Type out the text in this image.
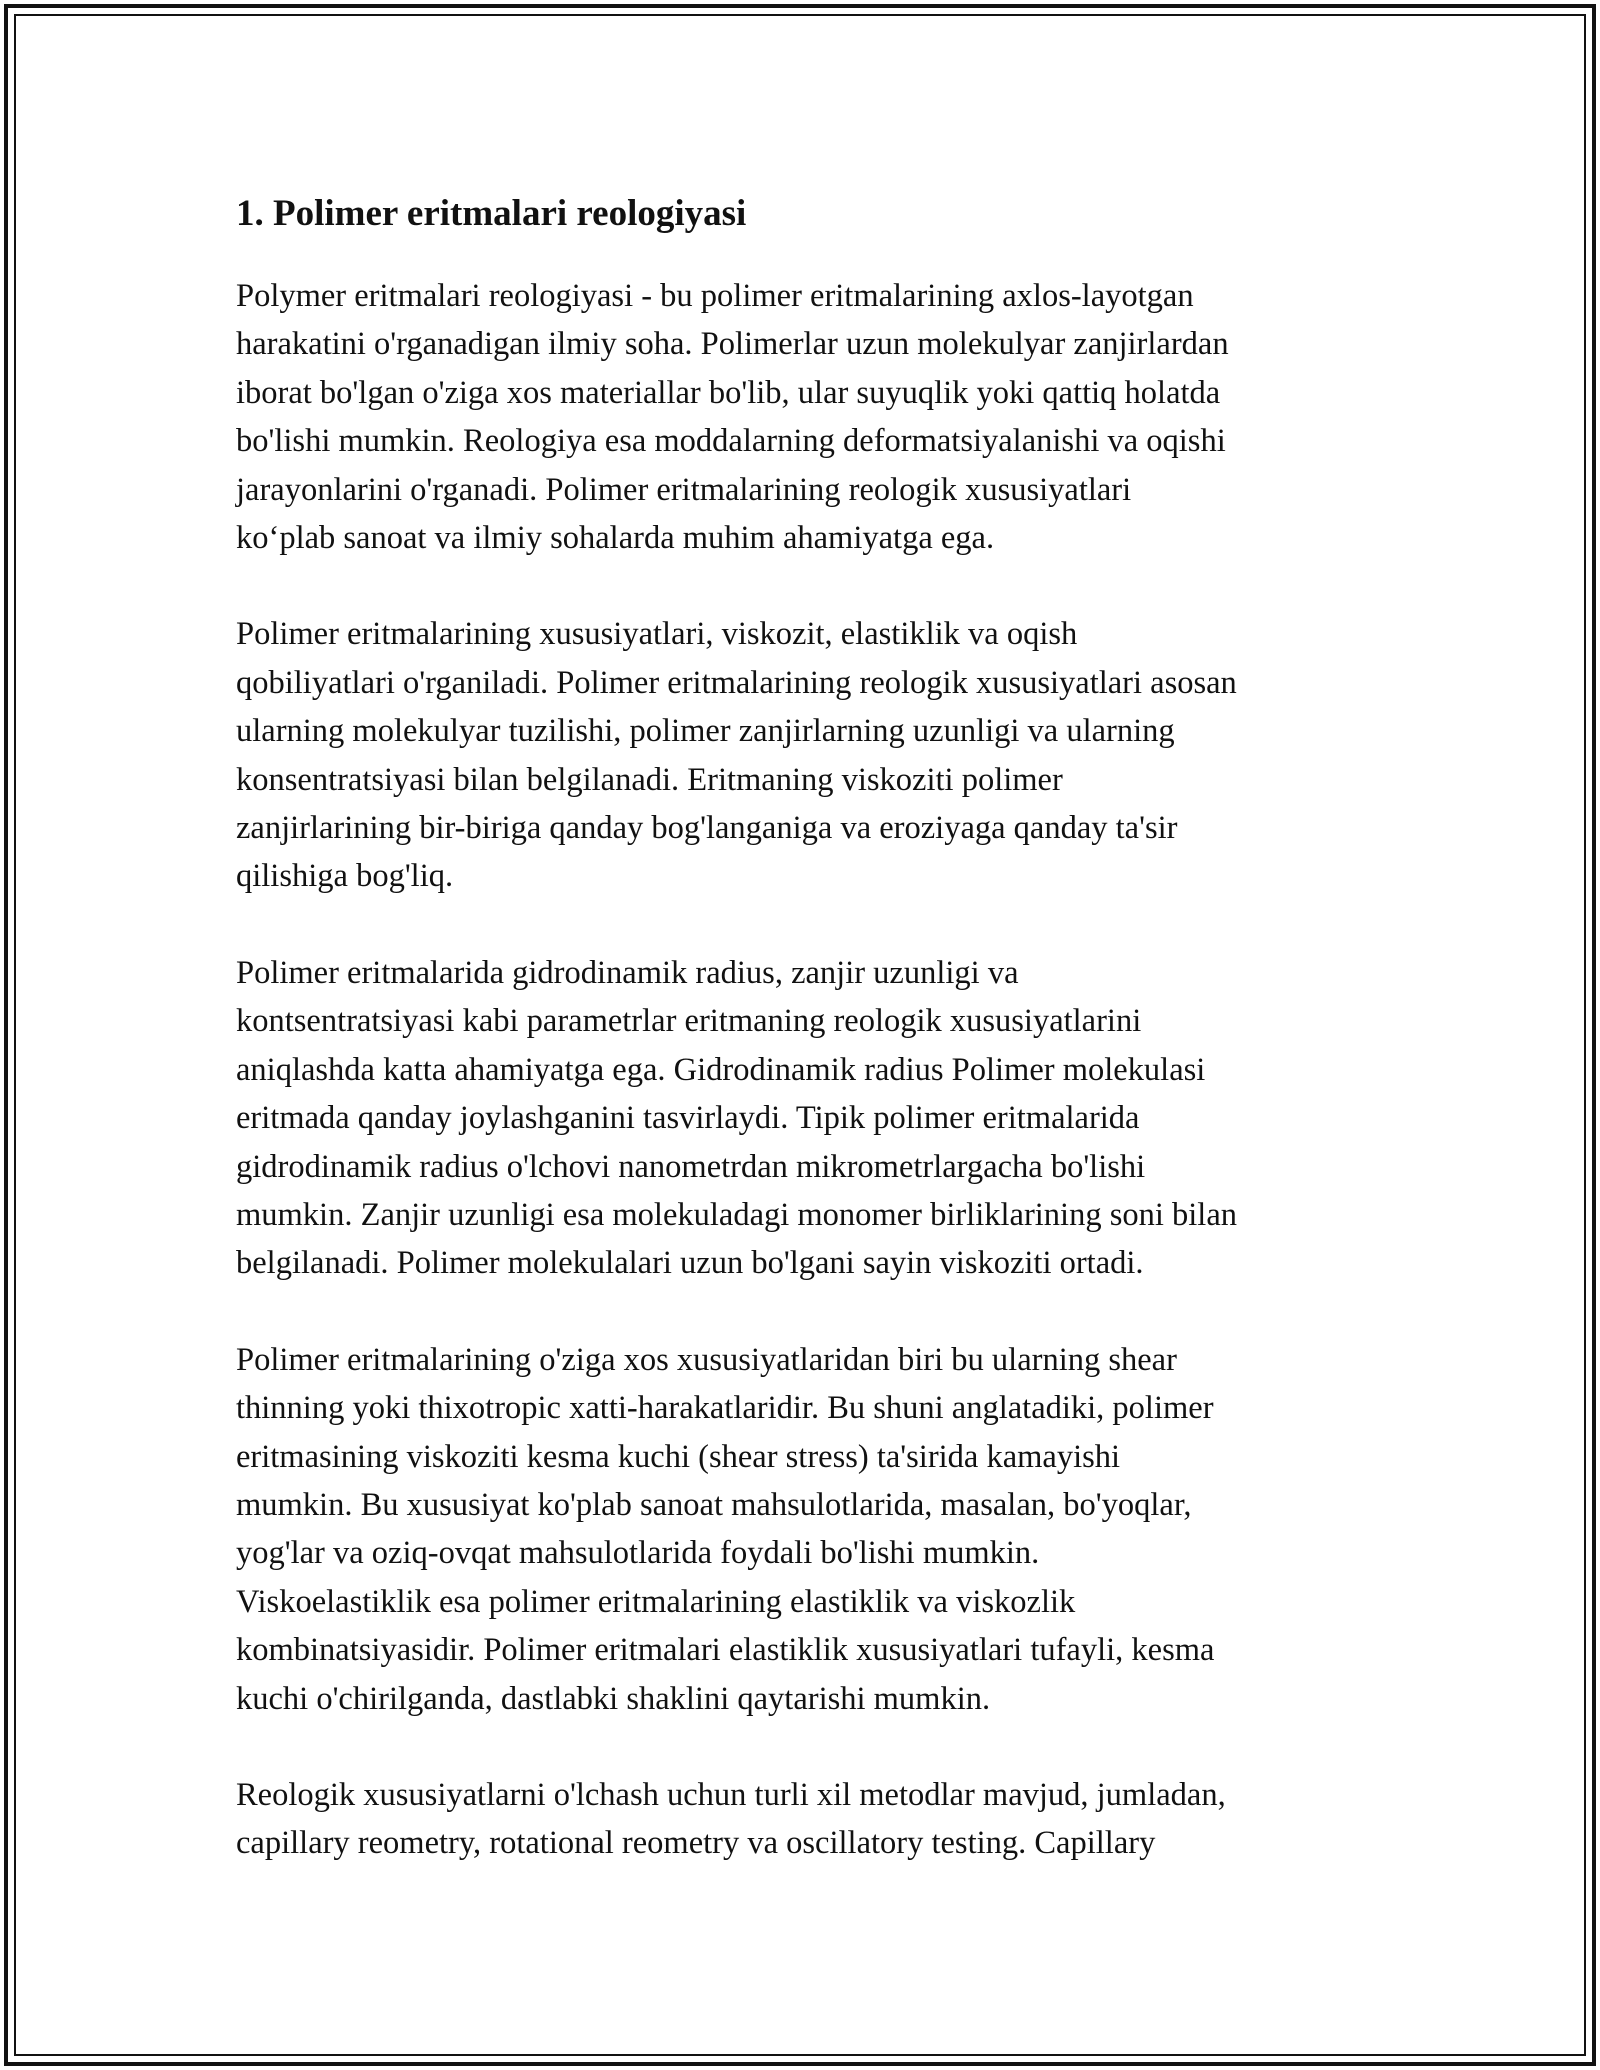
1. Polimer eritmalari reologiyasi

Polymer eritmalari reologiyasi - bu polimer eritmalarining axlos-layotgan
harakatini o'rganadigan ilmiy soha. Polimerlar uzun molekulyar zanjirlardan
iborat bo'lgan o'ziga xos materiallar bo'lib, ular suyuqlik yoki qattiq holatda
bo'lishi mumkin. Reologiya esa moddalarning deformatsiyalanishi va oqishi
jarayonlarini o'rganadi. Polimer eritmalarining reologik xususiyatlari
ko‘plab sanoat va ilmiy sohalarda muhim ahamiyatga ega.

Polimer eritmalarining xususiyatlari, viskozit, elastiklik va oqish
qobiliyatlari o'rganiladi. Polimer eritmalarining reologik xususiyatlari asosan
ularning molekulyar tuzilishi, polimer zanjirlarning uzunligi va ularning
konsentratsiyasi bilan belgilanadi. Eritmaning viskoziti polimer
zanjirlarining bir-biriga qanday bog'langaniga va eroziyaga qanday ta'sir
qilishiga bog'liq.

Polimer eritmalarida gidrodinamik radius, zanjir uzunligi va
kontsentratsiyasi kabi parametrlar eritmaning reologik xususiyatlarini
aniqlashda katta ahamiyatga ega. Gidrodinamik radius Polimer molekulasi
eritmada qanday joylashganini tasvirlaydi. Tipik polimer eritmalarida
gidrodinamik radius o'lchovi nanometrdan mikrometrlargacha bo'lishi
mumkin. Zanjir uzunligi esa molekuladagi monomer birliklarining soni bilan
belgilanadi. Polimer molekulalari uzun bo'lgani sayin viskoziti ortadi.

Polimer eritmalarining o'ziga xos xususiyatlaridan biri bu ularning shear
thinning yoki thixotropic xatti-harakatlaridir. Bu shuni anglatadiki, polimer
eritmasining viskoziti kesma kuchi (shear stress) ta'sirida kamayishi
mumkin. Bu xususiyat ko'plab sanoat mahsulotlarida, masalan, bo'yoqlar,
yog'lar va oziq-ovqat mahsulotlarida foydali bo'lishi mumkin.
Viskoelastiklik esa polimer eritmalarining elastiklik va viskozlik
kombinatsiyasidir. Polimer eritmalari elastiklik xususiyatlari tufayli, kesma
kuchi o'chirilganda, dastlabki shaklini qaytarishi mumkin.

Reologik xususiyatlarni o'lchash uchun turli xil metodlar mavjud, jumladan,
capillary reometry, rotational reometry va oscillatory testing. Capillary
